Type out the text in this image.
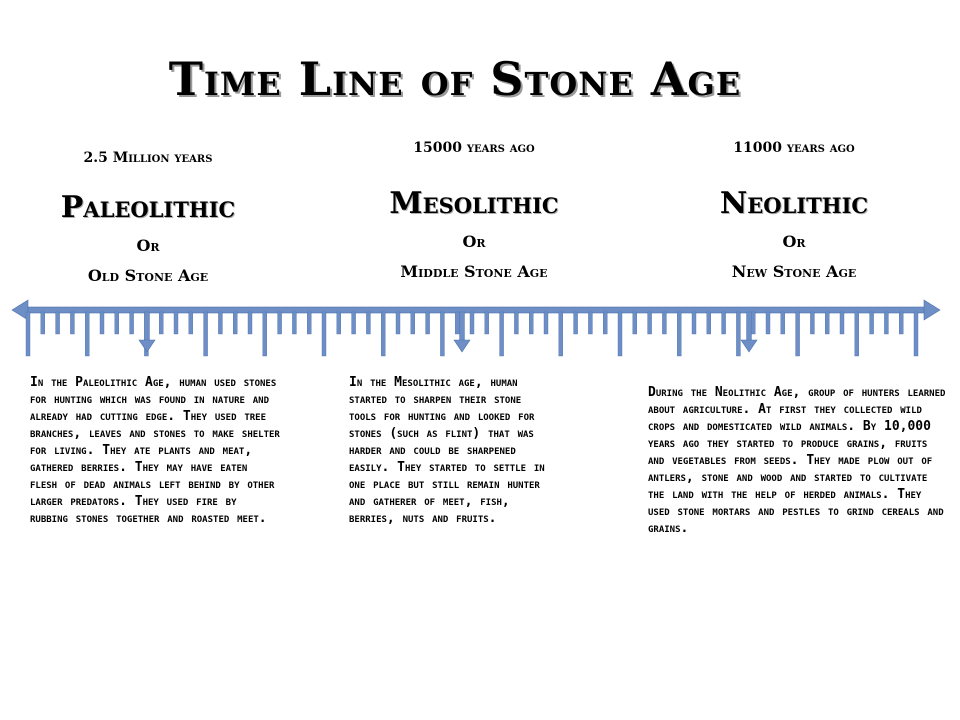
Time Line of Stone Age
2.5 Million years
Paleolithic
Or
Old Stone Age
15000 years ago
Mesolithic
Or
Middle Stone Age
11000 years ago
Neolithic
Or
New Stone Age
In the Paleolithic Age, human used stones for hunting which was found in nature and already had cutting edge. They used tree branches, leaves and stones to make shelter for living. They ate plants and meat, gathered berries. They may have eaten flesh of dead animals left behind by other larger predators. They used fire by rubbing stones together and roasted meet.
In the Mesolithic age, human started to sharpen their stone tools for hunting and looked for stones (such as flint) that was harder and could be sharpened easily. They started to settle in one place but still remain hunter and gatherer of meet, fish, berries, nuts and fruits.
During the Neolithic Age, group of hunters learned about agriculture. At first they collected wild crops and domesticated wild animals. By 10,000 years ago they started to produce grains, fruits and vegetables from seeds. They made plow out of antlers, stone and wood and started to cultivate the land with the help of herded animals. They used stone mortars and pestles to grind cereals and grains.
